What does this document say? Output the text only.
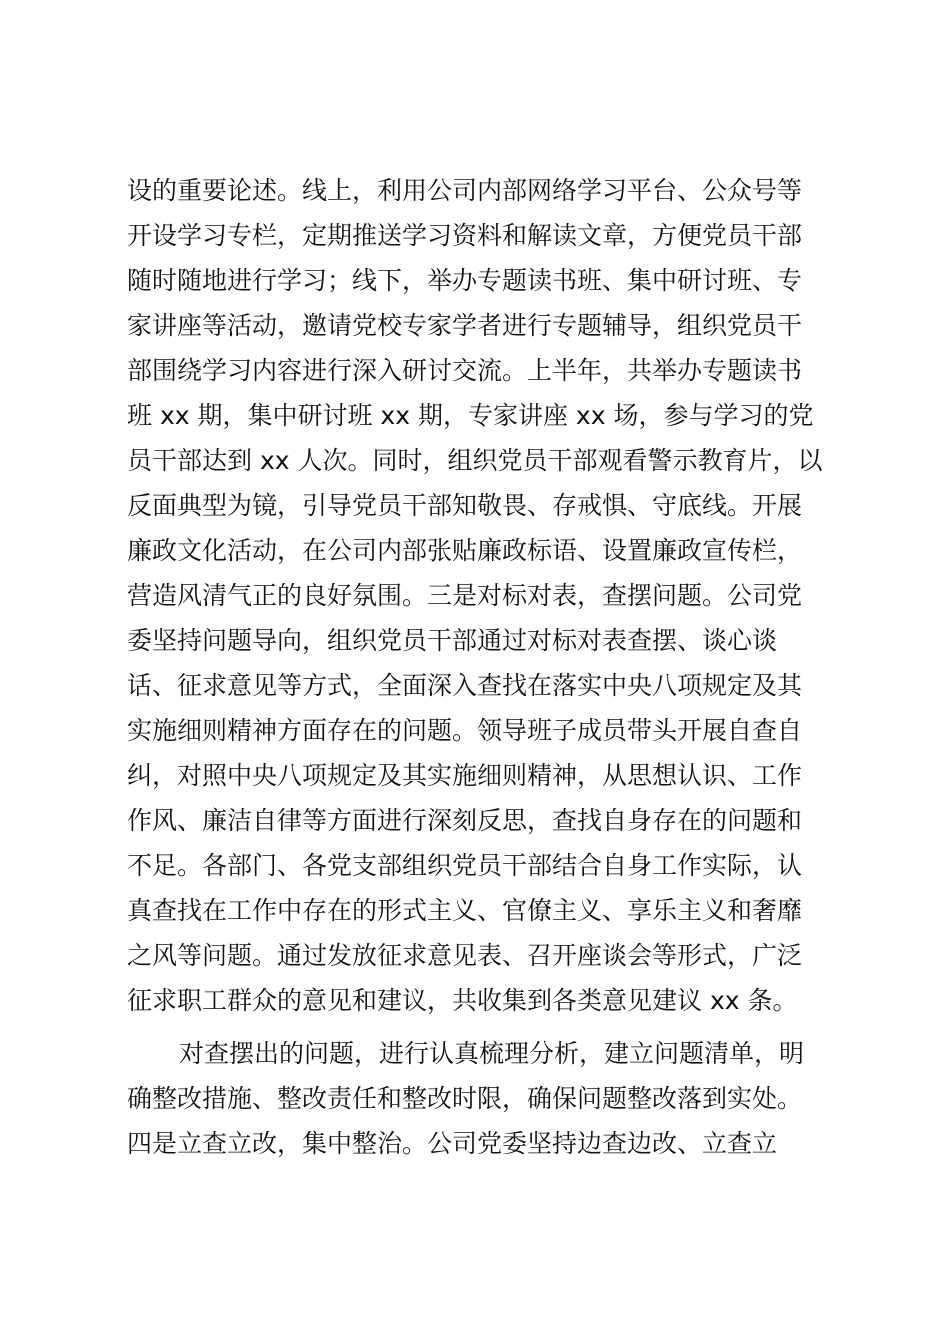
设的重要论述。线上，利用公司内部网络学习平台、公众号等
开设学习专栏，定期推送学习资料和解读文章，方便党员干部
随时随地进行学习；线下，举办专题读书班、集中研讨班、专
家讲座等活动，邀请党校专家学者进行专题辅导，组织党员干
部围绕学习内容进行深入研讨交流。上半年，共举办专题读书
班 xx 期，集中研讨班 xx 期，专家讲座 xx 场，参与学习的党
员干部达到 xx 人次。同时，组织党员干部观看警示教育片，以
反面典型为镜，引导党员干部知敬畏、存戒惧、守底线。开展
廉政文化活动，在公司内部张贴廉政标语、设置廉政宣传栏，
营造风清气正的良好氛围。三是对标对表，查摆问题。公司党
委坚持问题导向，组织党员干部通过对标对表查摆、谈心谈
话、征求意见等方式，全面深入查找在落实中央八项规定及其
实施细则精神方面存在的问题。领导班子成员带头开展自查自
纠，对照中央八项规定及其实施细则精神，从思想认识、工作
作风、廉洁自律等方面进行深刻反思，查找自身存在的问题和
不足。各部门、各党支部组织党员干部结合自身工作实际，认
真查找在工作中存在的形式主义、官僚主义、享乐主义和奢靡
之风等问题。通过发放征求意见表、召开座谈会等形式，广泛
征求职工群众的意见和建议，共收集到各类意见建议 xx 条。
对查摆出的问题，进行认真梳理分析，建立问题清单，明
确整改措施、整改责任和整改时限，确保问题整改落到实处。
四是立查立改，集中整治。公司党委坚持边查边改、立查立
